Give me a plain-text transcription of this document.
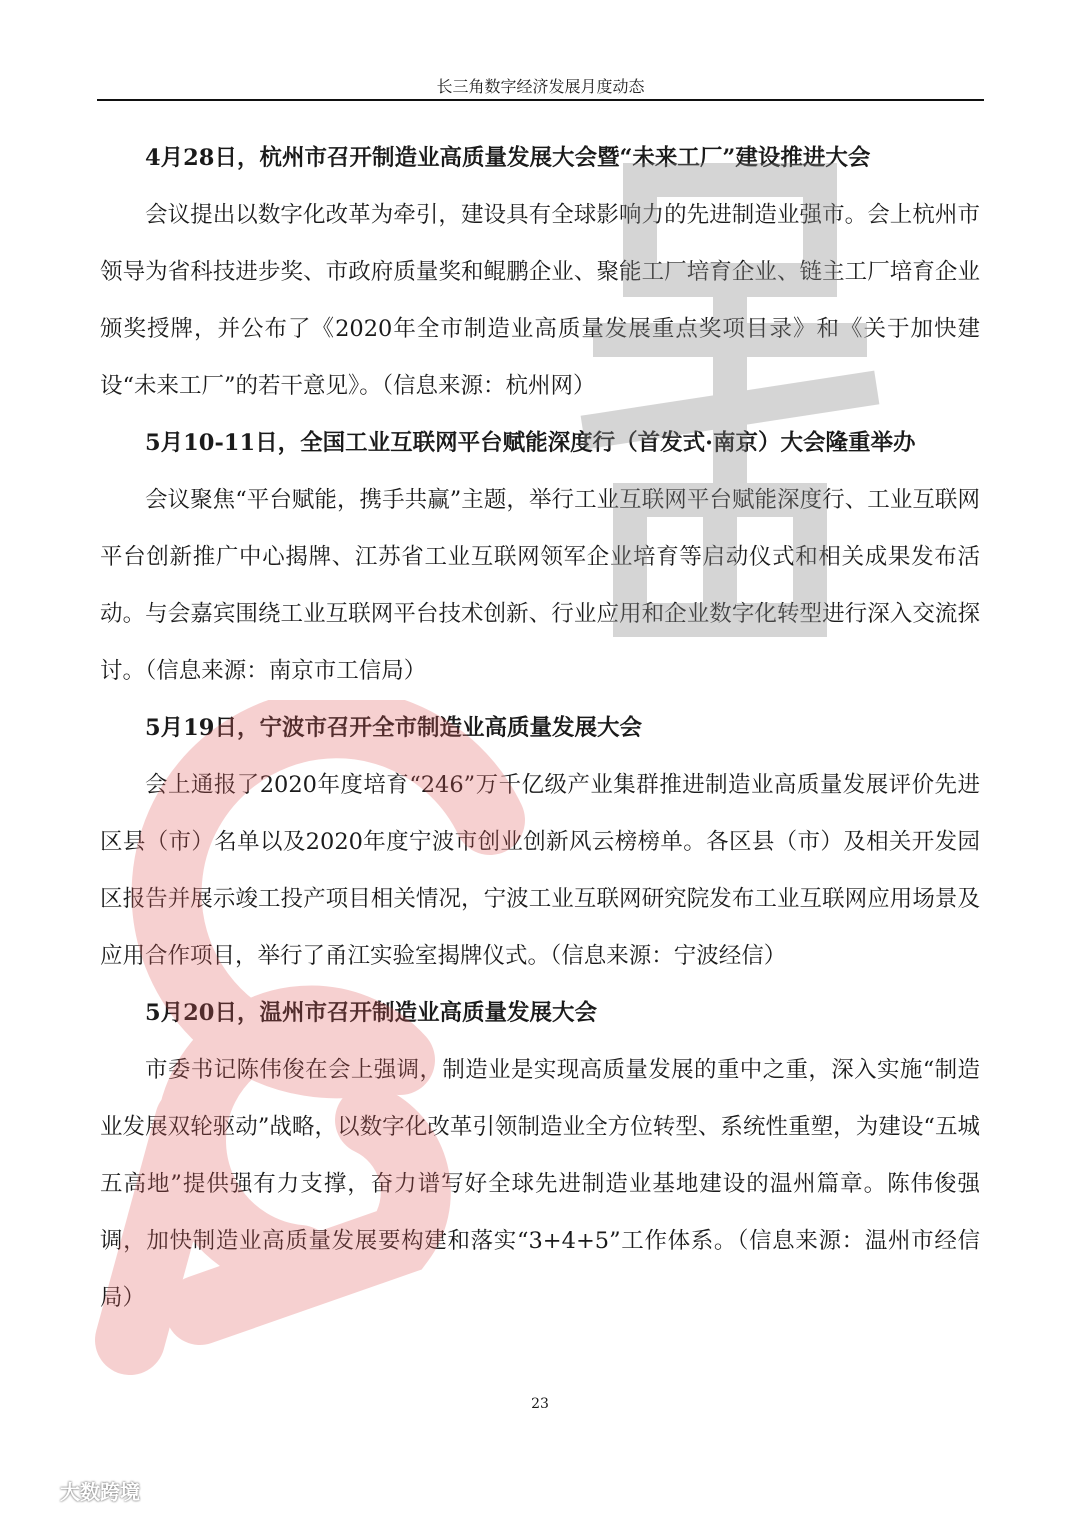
长三角数字经济发展月度动态

4月28日，杭州市召开制造业高质量发展大会暨“未来工厂”建设推进大会

会议提出以数字化改革为牵引，建设具有全球影响力的先进制造业强市。会上杭州市领导为省科技进步奖、市政府质量奖和鲲鹏企业、聚能工厂培育企业、链主工厂培育企业颁奖授牌，并公布了《2020年全市制造业高质量发展重点奖项目录》和《关于加快建设“未来工厂”的若干意见》。（信息来源：杭州网）

5月10-11日，全国工业互联网平台赋能深度行（首发式·南京）大会隆重举办

会议聚焦“平台赋能，携手共赢”主题，举行工业互联网平台赋能深度行、工业互联网平台创新推广中心揭牌、江苏省工业互联网领军企业培育等启动仪式和相关成果发布活动。与会嘉宾围绕工业互联网平台技术创新、行业应用和企业数字化转型进行深入交流探讨。（信息来源：南京市工信局）

5月19日，宁波市召开全市制造业高质量发展大会

会上通报了2020年度培育“246”万千亿级产业集群推进制造业高质量发展评价先进区县（市）名单以及2020年度宁波市创业创新风云榜榜单。各区县（市）及相关开发园区报告并展示竣工投产项目相关情况，宁波工业互联网研究院发布工业互联网应用场景及应用合作项目，举行了甬江实验室揭牌仪式。（信息来源：宁波经信）

5月20日，温州市召开制造业高质量发展大会

市委书记陈伟俊在会上强调，制造业是实现高质量发展的重中之重，深入实施“制造业发展双轮驱动”战略，以数字化改革引领制造业全方位转型、系统性重塑，为建设“五城五高地”提供强有力支撑，奋力谱写好全球先进制造业基地建设的温州篇章。陈伟俊强调，加快制造业高质量发展要构建和落实“3+4+5”工作体系。（信息来源：温州市经信局）

23
大数跨境
